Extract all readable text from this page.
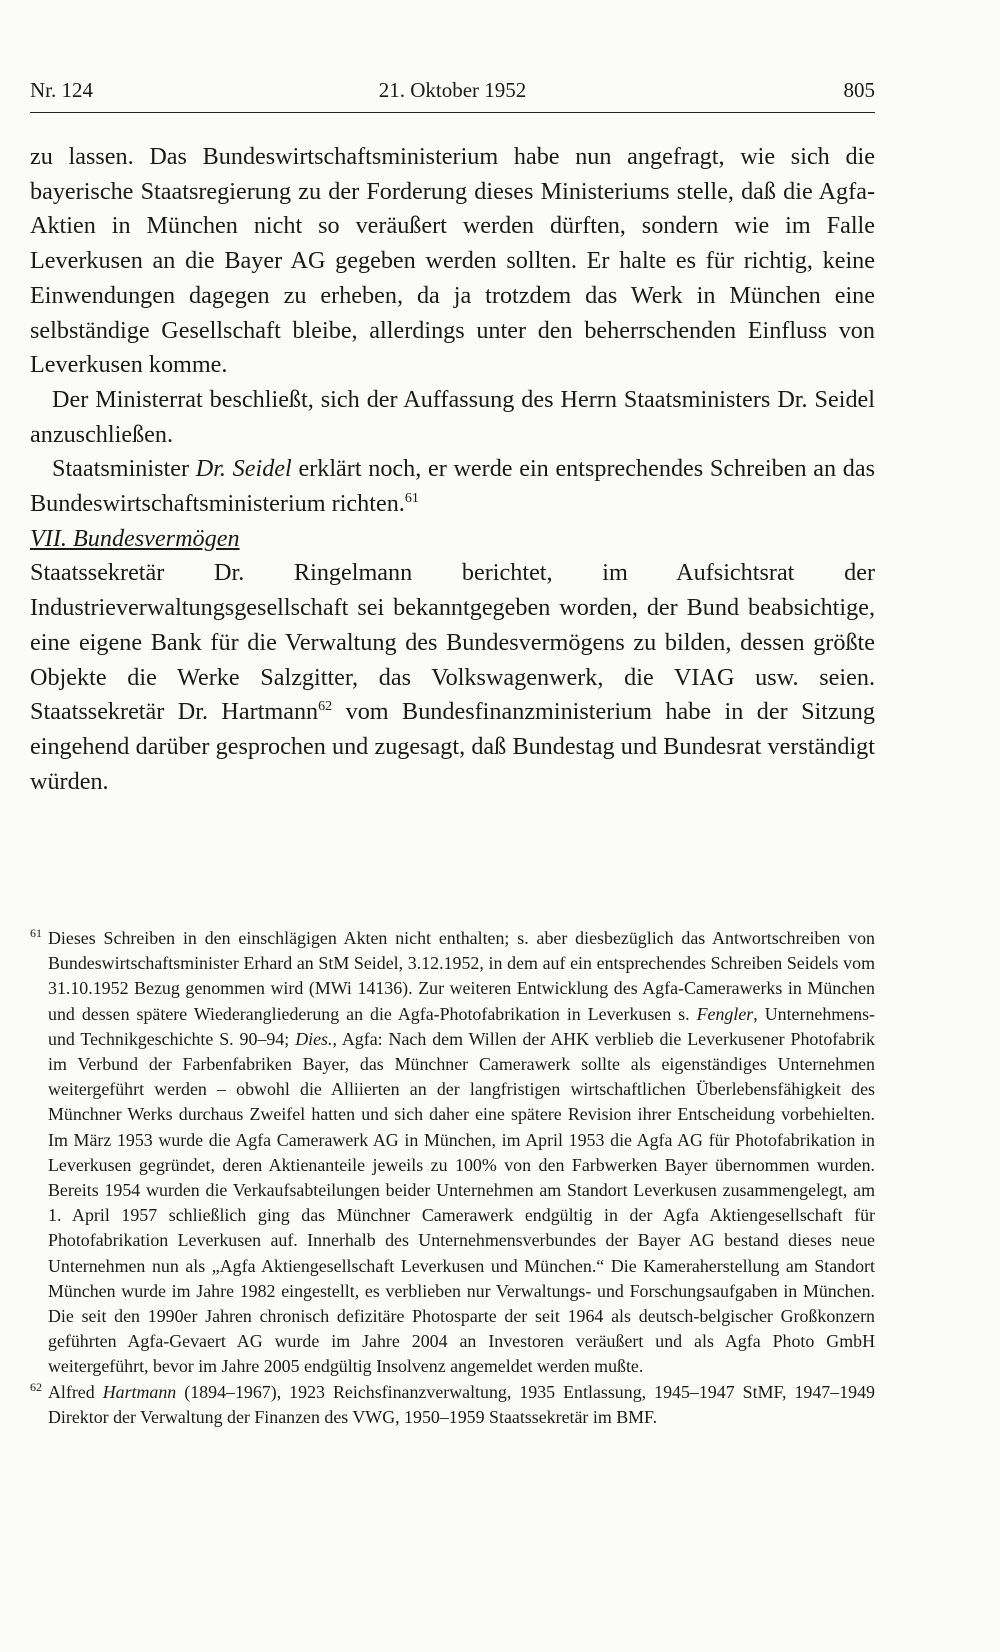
Nr. 124	21. Oktober 1952	805

zu lassen. Das Bundeswirtschaftsministerium habe nun angefragt, wie sich die bayerische Staatsregierung zu der Forderung dieses Ministeriums stelle, daß die Agfa-Aktien in München nicht so veräußert werden dürften, sondern wie im Falle Leverkusen an die Bayer AG gegeben werden sollten. Er halte es für richtig, keine Einwendungen dagegen zu erheben, da ja trotzdem das Werk in München eine selbständige Gesellschaft bleibe, allerdings unter den beherrschenden Einfluss von Leverkusen komme.

Der Ministerrat beschließt, sich der Auffassung des Herrn Staatsministers Dr. Seidel anzuschließen.

Staatsminister Dr. Seidel erklärt noch, er werde ein entsprechendes Schreiben an das Bundeswirtschaftsministerium richten.$^{61}$

VII. Bundesvermögen

Staatssekretär Dr. Ringelmann berichtet, im Aufsichtsrat der Industrieverwaltungsgesellschaft sei bekanntgegeben worden, der Bund beabsichtige, eine eigene Bank für die Verwaltung des Bundesvermögens zu bilden, dessen größte Objekte die Werke Salzgitter, das Volkswagenwerk, die VIAG usw. seien. Staatssekretär Dr. Hartmann$^{62}$ vom Bundesfinanzministerium habe in der Sitzung eingehend darüber gesprochen und zugesagt, daß Bundestag und Bundesrat verständigt würden.

61 Dieses Schreiben in den einschlägigen Akten nicht enthalten; s. aber diesbezüglich das Antwortschreiben von Bundeswirtschaftsminister Erhard an StM Seidel, 3.12.1952, in dem auf ein entsprechendes Schreiben Seidels vom 31.10.1952 Bezug genommen wird (MWi 14136). Zur weiteren Entwicklung des Agfa-Camerawerks in München und dessen spätere Wiederangliederung an die Agfa-Photofabrikation in Leverkusen s. Fengler, Unternehmens- und Technikgeschichte S. 90–94; Dies., Agfa: Nach dem Willen der AHK verblieb die Leverkusener Photofabrik im Verbund der Farbenfabriken Bayer, das Münchner Camerawerk sollte als eigenständiges Unternehmen weitergeführt werden – obwohl die Alliierten an der langfristigen wirtschaftlichen Überlebensfähigkeit des Münchner Werks durchaus Zweifel hatten und sich daher eine spätere Revision ihrer Entscheidung vorbehielten. Im März 1953 wurde die Agfa Camerawerk AG in München, im April 1953 die Agfa AG für Photofabrikation in Leverkusen gegründet, deren Aktienanteile jeweils zu 100% von den Farbwerken Bayer übernommen wurden. Bereits 1954 wurden die Verkaufsabteilungen beider Unternehmen am Standort Leverkusen zusammengelegt, am 1. April 1957 schließlich ging das Münchner Camerawerk endgültig in der Agfa Aktiengesellschaft für Photofabrikation Leverkusen auf. Innerhalb des Unternehmensverbundes der Bayer AG bestand dieses neue Unternehmen nun als „Agfa Aktiengesellschaft Leverkusen und München.“ Die Kameraherstellung am Standort München wurde im Jahre 1982 eingestellt, es verblieben nur Verwaltungs- und Forschungsaufgaben in München. Die seit den 1990er Jahren chronisch defizitäre Photosparte der seit 1964 als deutsch-belgischer Großkonzern geführten Agfa-Gevaert AG wurde im Jahre 2004 an Investoren veräußert und als Agfa Photo GmbH weitergeführt, bevor im Jahre 2005 endgültig Insolvenz angemeldet werden mußte.

62 Alfred Hartmann (1894–1967), 1923 Reichsfinanzverwaltung, 1935 Entlassung, 1945–1947 StMF, 1947–1949 Direktor der Verwaltung der Finanzen des VWG, 1950–1959 Staatssekretär im BMF.
